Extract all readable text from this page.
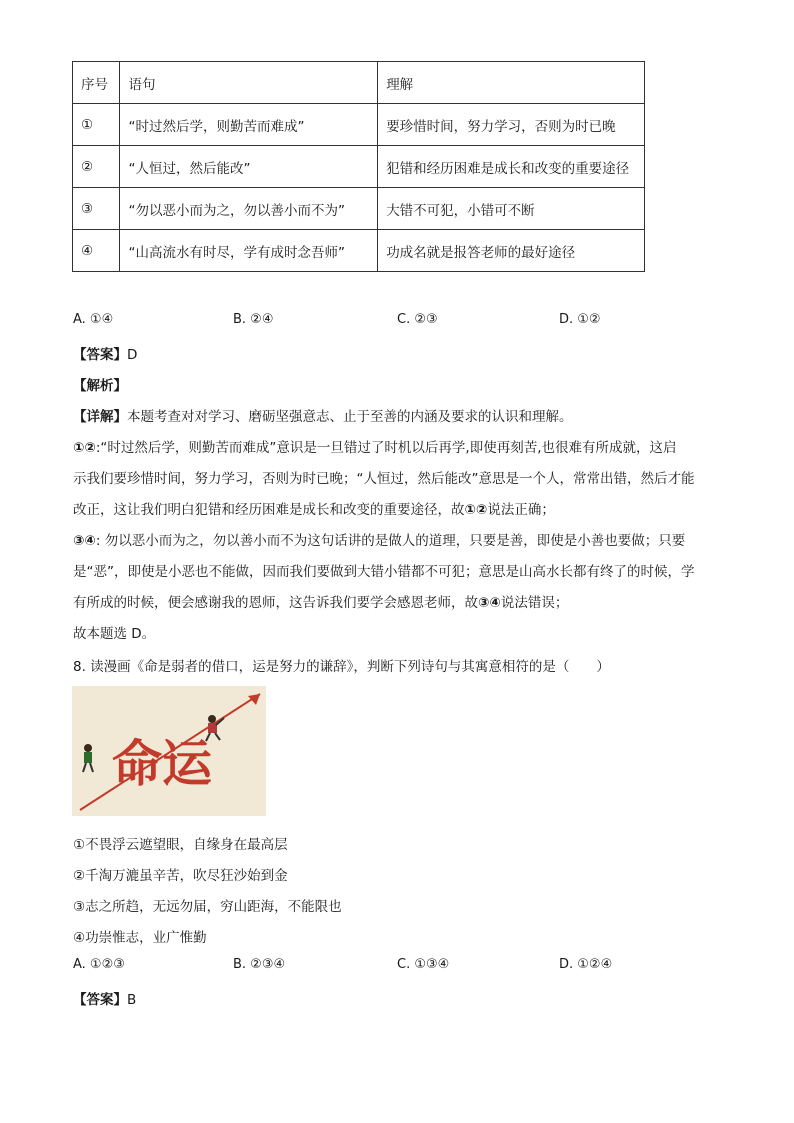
序号	语句	理解
①	“时过然后学，则勤苦而难成”	要珍惜时间，努力学习，否则为时已晚
②	“人恒过，然后能改”	犯错和经历困难是成长和改变的重要途径
③	“勿以恶小而为之，勿以善小而不为”	大错不可犯，小错可不断
④	“山高流水有时尽，学有成时念吾师”	功成名就是报答老师的最好途径
A. ①④	B. ②④	C. ②③	D. ①②
【答案】D
【解析】
【详解】本题考查对对学习、磨砺坚强意志、止于至善的内涵及要求的认识和理解。
①②:“时过然后学，则勤苦而难成”意识是一旦错过了时机以后再学,即使再刻苦,也很难有所成就，这启
示我们要珍惜时间，努力学习，否则为时已晚；“人恒过，然后能改”意思是一个人，常常出错，然后才能
改正，这让我们明白犯错和经历困难是成长和改变的重要途径，故①②说法正确；
③④: 勿以恶小而为之，勿以善小而不为这句话讲的是做人的道理，只要是善，即使是小善也要做；只要
是“恶”，即使是小恶也不能做，因而我们要做到大错小错都不可犯；意思是山高水长都有终了的时候，学
有所成的时候，便会感谢我的恩师，这告诉我们要学会感恩老师，故③④说法错误；
故本题选 D。
8. 读漫画《命是弱者的借口，运是努力的谦辞》，判断下列诗句与其寓意相符的是（　　）
命运
①不畏浮云遮望眼，自缘身在最高层
②千淘万漉虽辛苦，吹尽狂沙始到金
③志之所趋，无远勿届，穷山距海，不能限也
④功崇惟志，业广惟勤
A. ①②③	B. ②③④	C. ①③④	D. ①②④
【答案】B
